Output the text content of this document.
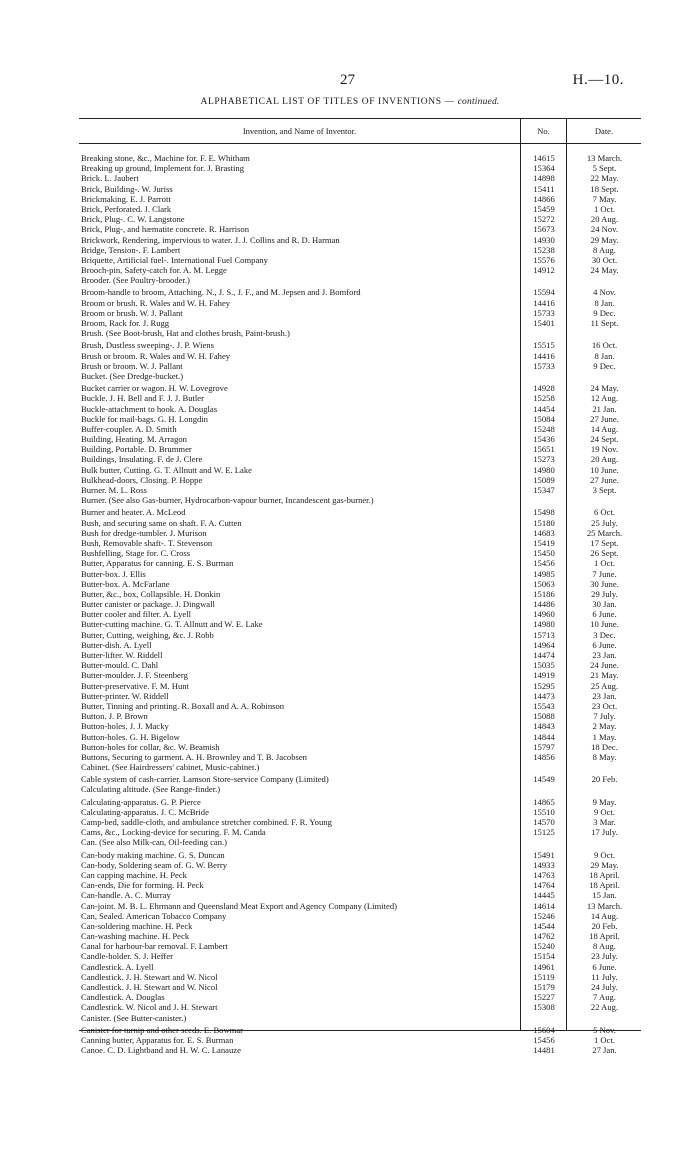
27	H.—10.
ALPHABETICAL LIST OF TITLES OF INVENTIONS — continued.
Invention, and Name of Inventor.	No.	Date.
Breaking stone, &c., Machine for. F. E. Whitham	14615	13 March.
Breaking up ground, Implement for. J. Brasting	15364	5 Sept.
Brick. L. Jaubert	14898	22 May.
Brick, Building-. W. Juriss	15411	18 Sept.
Brickmaking. E. J. Parrott	14866	7 May.
Brick, Perforated. J. Clark	15459	1 Oct.
Brick, Plug-. C. W. Langstone	15272	20 Aug.
Brick, Plug-, and hæmatite concrete. R. Harrison	15673	24 Nov.
Brickwork, Rendering, impervious to water. J. J. Collins and R. D. Harman	14930	29 May.
Bridge, Tension-. F. Lambert	15238	8 Aug.
Briquette, Artificial fuel-. International Fuel Company	15576	30 Oct.
Brooch-pin, Safety-catch for. A. M. Legge	14912	24 May.
Brooder. (See Poultry-brooder.)
Broom-handle to broom, Attaching. N., J. S., J. F., and M. Jepsen and J. Bomford	15594	4 Nov.
Broom or brush. R. Wales and W. H. Fahey	14416	8 Jan.
Broom or brush. W. J. Pallant	15733	9 Dec.
Broom, Rack for. J. Rugg	15401	11 Sept.
Brush. (See Boot-brush, Hat and clothes brush, Paint-brush.)
Brush, Dustless sweeping-. J. P. Wiens	15515	16 Oct.
Brush or broom. R. Wales and W. H. Fahey	14416	8 Jan.
Brush or broom. W. J. Pallant	15733	9 Dec.
Bucket. (See Dredge-bucket.)
Bucket carrier or wagon. H. W. Lovegrove	14928	24 May.
Buckle. J. H. Bell and F. J. J. Butler	15258	12 Aug.
Buckle-attachment to hook. A. Douglas	14454	21 Jan.
Buckle for mail-bags. G. H. Longdin	15084	27 June.
Buffer-coupler. A. D. Smith	15248	14 Aug.
Building, Heating. M. Arragon	15436	24 Sept.
Building, Portable. D. Brummer	15651	19 Nov.
Buildings, Insulating. F. de J. Clere	15273	20 Aug.
Bulk butter, Cutting. G. T. Allnutt and W. E. Lake	14980	10 June.
Bulkhead-doors, Closing. P. Hoppe	15089	27 June.
Burner. M. L. Ross	15347	3 Sept.
Burner. (See also Gas-burner, Hydrocarbon-vapour burner, Incandescent gas-burner.)
Burner and heater. A. McLeod	15498	6 Oct.
Bush, and securing same on shaft. F. A. Cutten	15180	25 July.
Bush for dredge-tumbler. J. Murison	14683	25 March.
Bush, Removable shaft-. T. Stevenson	15419	17 Sept.
Bushfelling, Stage for. C. Cross	15450	26 Sept.
Butter, Apparatus for canning. E. S. Burman	15456	1 Oct.
Butter-box. J. Ellis	14985	7 June.
Butter-box. A. McFarlane	15063	30 June.
Butter, &c., box, Collapsible. H. Donkin	15186	29 July.
Butter canister or package. J. Dingwall	14486	30 Jan.
Butter cooler and filter. A. Lyell	14960	6 June.
Butter-cutting machine. G. T. Allnutt and W. E. Lake	14980	10 June.
Butter, Cutting, weighing, &c. J. Robb	15713	3 Dec.
Butter-dish. A. Lyell	14964	6 June.
Butter-lifter. W. Riddell	14474	23 Jan.
Butter-mould. C. Dahl	15035	24 June.
Butter-moulder. J. F. Steenberg	14919	21 May.
Butter-preservative. F. M. Hunt	15295	25 Aug.
Butter-printer. W. Riddell	14473	23 Jan.
Butter, Tinning and printing. R. Boxall and A. A. Robinson	15543	23 Oct.
Button. J. P. Brown	15088	7 July.
Button-holes. J. J. Macky	14843	2 May.
Button-holes. G. H. Bigelow	14844	1 May.
Button-holes for collar, &c. W. Beamish	15797	18 Dec.
Buttons, Securing to garment. A. H. Brownley and T. B. Jacobsen	14856	8 May.
Cabinet. (See Hairdressers' cabinet, Music-cabinet.)
Cable system of cash-carrier. Lamson Store-service Company (Limited)	14549	20 Feb.
Calculating altitude. (See Range-finder.)
Calculating-apparatus. G. P. Pierce	14865	9 May.
Calculating-apparatus. J. C. McBride	15510	9 Oct.
Camp-bed, saddle-cloth, and ambulance stretcher combined. F. R. Young	14570	3 Mar.
Cams, &c., Locking-device for securing. F. M. Canda	15125	17 July.
Can. (See also Milk-can, Oil-feeding can.)
Can-body making machine. G. S. Duncan	15491	9 Oct.
Can-body, Soldering seam of. G. W. Berry	14933	29 May.
Can capping machine. H. Peck	14763	18 April.
Can-ends, Die for forming. H. Peck	14764	18 April.
Can-handle. A. C. Murray	14445	15 Jan.
Can-joint. M. B. L. Ehrmann and Queensland Meat Export and Agency Company (Limited)	14614	13 March.
Can, Sealed. American Tobacco Company	15246	14 Aug.
Can-soldering machine. H. Peck	14544	20 Feb.
Can-washing machine. H. Peck	14762	18 April.
Canal for harbour-bar removal. F. Lambert	15240	8 Aug.
Candle-holder. S. J. Heffer	15154	23 July.
Candlestick. A. Lyell	14961	6 June.
Candlestick. J. H. Stewart and W. Nicol	15119	11 July.
Candlestick. J. H. Stewart and W. Nicol	15179	24 July.
Candlestick. A. Douglas	15227	7 Aug.
Candlestick. W. Nicol and J. H. Stewart	15308	22 Aug.
Canister. (See Butter-canister.)
Canister for turnip and other seeds. E. Bowmar	15604	5 Nov.
Canning butter, Apparatus for. E. S. Burman	15456	1 Oct.
Canoe. C. D. Lightband and H. W. C. Lanauze	14481	27 Jan.
